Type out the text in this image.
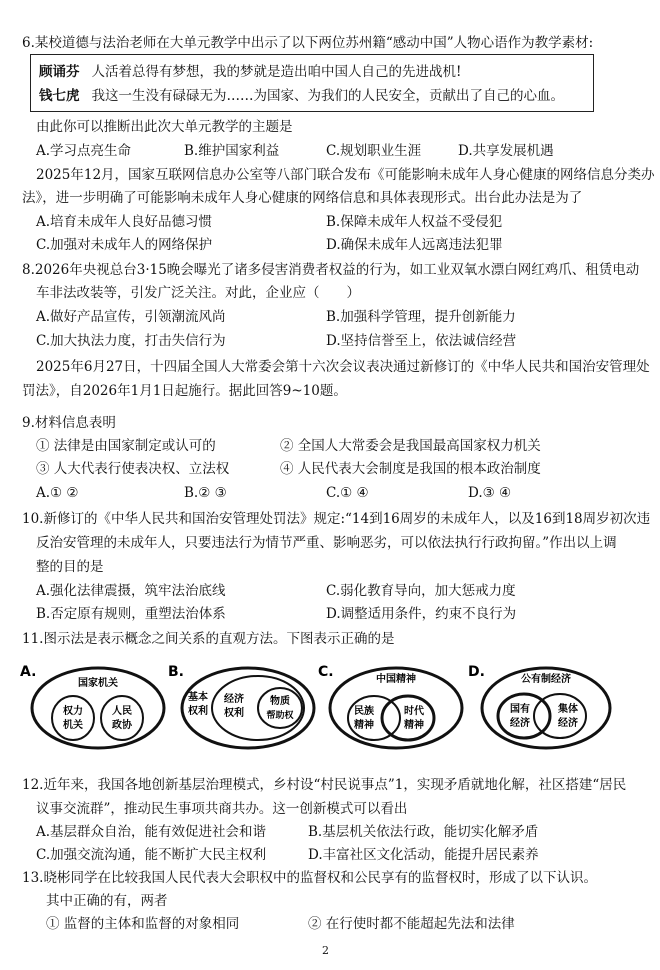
6.某校道德与法治老师在大单元教学中出示了以下两位苏州籍“感动中国”人物心语作为教学素材:
顾诵芬 人活着总得有梦想，我的梦就是造出咱中国人自己的先进战机!
钱七虎 我这一生没有碌碌无为……为国家、为我们的人民安全，贡献出了自己的心血。
由此你可以推断出此次大单元教学的主题是
A.学习点亮生命	B.维护国家利益	C.规划职业生涯	D.共享发展机遇
2025年12月，国家互联网信息办公室等八部门联合发布《可能影响未成年人身心健康的网络信息分类办
法》，进一步明确了可能影响未成年人身心健康的网络信息和具体表现形式。出台此办法是为了
A.培育未成年人良好品德习惯	B.保障未成年人权益不受侵犯
C.加强对未成年人的网络保护	D.确保未成年人远离违法犯罪
8.2026年央视总台3·15晚会曝光了诸多侵害消费者权益的行为，如工业双氧水漂白网红鸡爪、租赁电动
车非法改装等，引发广泛关注。对此，企业应（　　）
A.做好产品宣传，引领潮流风尚	B.加强科学管理，提升创新能力
C.加大执法力度，打击失信行为	D.坚持信誉至上，依法诚信经营
2025年6月27日，十四届全国人大常委会第十六次会议表决通过新修订的《中华人民共和国治安管理处
罚法》，自2026年1月1日起施行。据此回答9~10题。
9.材料信息表明
① 法律是由国家制定或认可的	② 全国人大常委会是我国最高国家权力机关
③ 人大代表行使表决权、立法权	④ 人民代表大会制度是我国的根本政治制度
A.① ②	B.② ③	C.① ④	D.③ ④
10.新修订的《中华人民共和国治安管理处罚法》规定:“14到16周岁的未成年人，以及16到18周岁初次违
反治安管理的未成年人，只要违法行为情节严重、影响恶劣，可以依法执行行政拘留。”作出以上调
整的目的是
A.强化法律震摄，筑牢法治底线	C.弱化教育导向，加大惩戒力度
B.否定原有规则，重塑法治体系	D.调整适用条件，约束不良行为
11.图示法是表示概念之间关系的直观方法。下图表示正确的是
A.
国家机关
权力
机关
人民
政协
B.
基本
权利
经济
权利
物质
帮助权
C.	中国精神
民族
精神
时代
精神
D.	公有制经济
国有
经济
集体
经济
12.近年来，我国各地创新基层治理模式，乡村设“村民说事点”1，实现矛盾就地化解，社区搭建“居民
议事交流群”，推动民生事项共商共办。这一创新模式可以看出
A.基层群众自治，能有效促进社会和谐	B.基层机关依法行政，能切实化解矛盾
C.加强交流沟通，能不断扩大民主权利	D.丰富社区文化活动，能提升居民素养
13.晓彬同学在比较我国人民代表大会职权中的监督权和公民享有的监督权时，形成了以下认识。
其中正确的有，两者
① 监督的主体和监督的对象相同	② 在行使时都不能超起先法和法律
2
